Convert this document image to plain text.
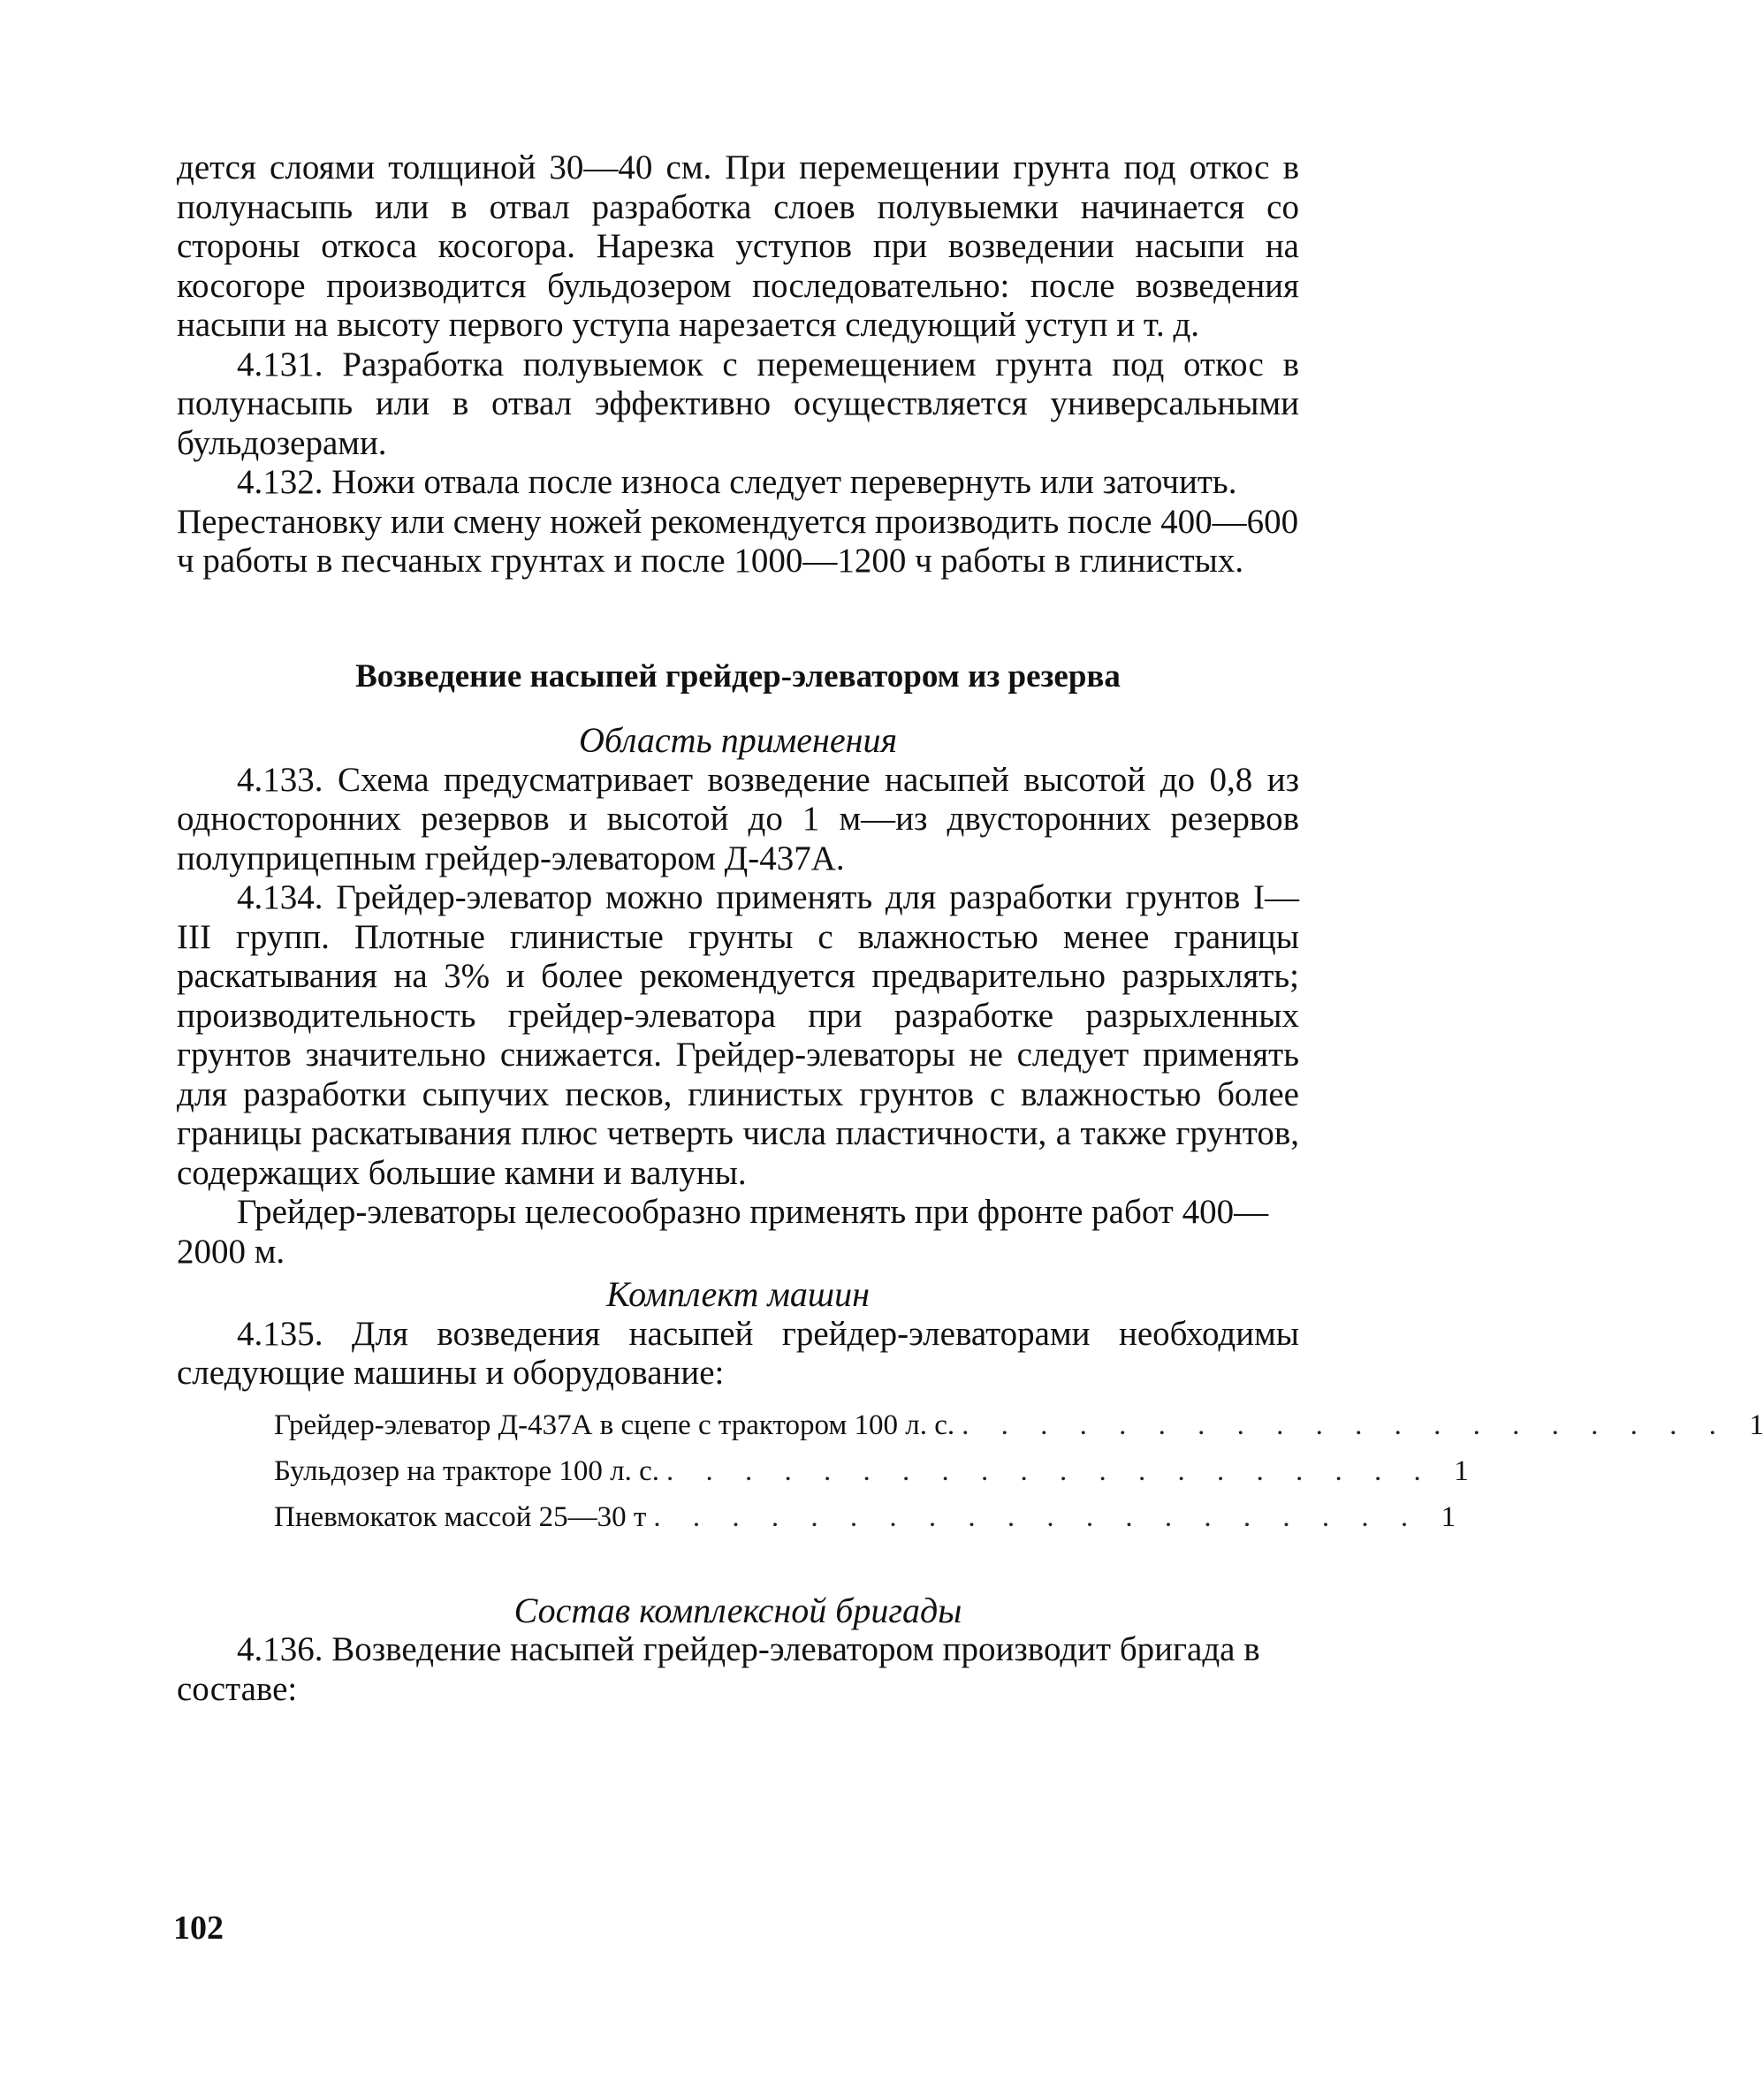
дется слоями толщиной 30—40 см. При перемещении грунта под откос в полунасыпь или в отвал разработка слоев полувыемки начинается со стороны откоса косогора. Нарезка уступов при возведении насыпи на косогоре производится бульдозером последовательно: после возведения насыпи на высоту первого уступа нарезается следующий уступ и т. д.

4.131. Разработка полувыемок с перемещением грунта под откос в полунасыпь или в отвал эффективно осуществляется универсальными бульдозерами.

4.132. Ножи отвала после износа следует перевернуть или заточить. Перестановку или смену ножей рекомендуется производить после 400—600 ч работы в песчаных грунтах и после 1000—1200 ч работы в глинистых.

Возведение насыпей грейдер-элеватором из резерва
Область применения

4.133. Схема предусматривает возведение насыпей высотой до 0,8 из односторонних резервов и высотой до 1 м—из двусторонних резервов полуприцепным грейдер-элеватором Д-437А.

4.134. Грейдер-элеватор можно применять для разработки грунтов I—III групп. Плотные глинистые грунты с влажностью менее границы раскатывания на 3% и более рекомендуется предварительно разрыхлять; производительность грейдер-элеватора при разработке разрыхленных грунтов значительно снижается. Грейдер-элеваторы не следует применять для разработки сыпучих песков, глинистых грунтов с влажностью более границы раскатывания плюс четверть числа пластичности, а также грунтов, содержащих большие камни и валуны.

Грейдер-элеваторы целесообразно применять при фронте работ 400—2000 м.

Комплект машин

4.135. Для возведения насыпей грейдер-элеваторами необходимы следующие машины и оборудование:

Грейдер-элеватор Д-437А в сцепе с трактором 100 л. с. . . . . . . . . . . . . . . . . . . . . 1
Бульдозер на тракторе 100 л. с. . . . . . . . . . . . . . . . . . . . . 1
Пневмокаток массой 25—30 т . . . . . . . . . . . . . . . . . . . . 1
Состав комплексной бригады

4.136. Возведение насыпей грейдер-элеватором производит бригада в составе:

102
